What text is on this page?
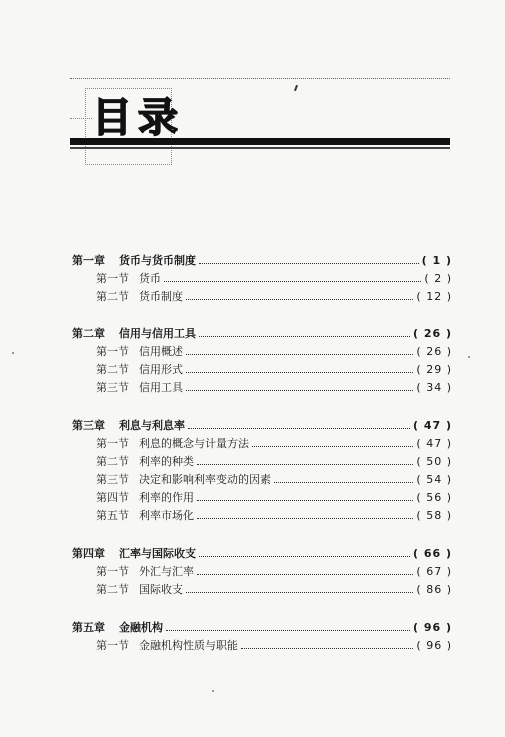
目录
第一章 货币与货币制度	( 1 )
第一节 货币	( 2 )
第二节 货币制度	( 12 )
第二章 信用与信用工具	( 26 )
第一节 信用概述	( 26 )
第二节 信用形式	( 29 )
第三节 信用工具	( 34 )
第三章 利息与利息率	( 47 )
第一节 利息的概念与计量方法	( 47 )
第二节 利率的种类	( 50 )
第三节 决定和影响利率变动的因素	( 54 )
第四节 利率的作用	( 56 )
第五节 利率市场化	( 58 )
第四章 汇率与国际收支	( 66 )
第一节 外汇与汇率	( 67 )
第二节 国际收支	( 86 )
第五章 金融机构	( 96 )
第一节 金融机构性质与职能	( 96 )
